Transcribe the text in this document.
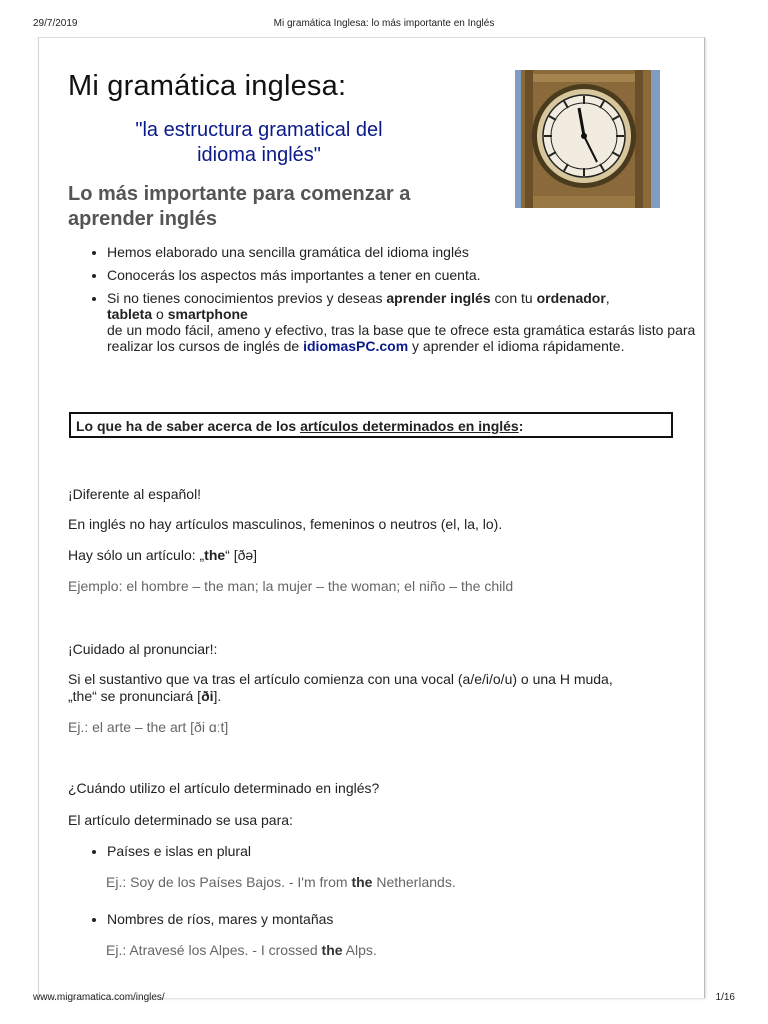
29/7/2019	Mi gramática Inglesa: lo más importante en Inglés
Mi gramática inglesa:
"la estructura gramatical del idioma inglés"
Lo más importante para comenzar a aprender inglés
• Hemos elaborado una sencilla gramática del idioma inglés
• Conocerás los aspectos más importantes a tener en cuenta.
• Si no tienes conocimientos previos y deseas aprender inglés con tu ordenador,
tableta o smartphone
de un modo fácil, ameno y efectivo, tras la base que te ofrece esta gramática estarás listo para realizar los cursos de inglés de idiomasPC.com y aprender el idioma rápidamente.
Lo que ha de saber acerca de los artículos determinados en inglés:

¡Diferente al español!

En inglés no hay artículos masculinos, femeninos o neutros (el, la, lo).

Hay sólo un artículo: „the“ [ðə]

Ejemplo: el hombre – the man; la mujer – the woman; el niño – the child

¡Cuidado al pronunciar!:

Si el sustantivo que va tras el artículo comienza con una vocal (a/e/i/o/u) o una H muda,

„the“ se pronunciará [ði].

Ej.: el arte – the art [ði ɑːt]

¿Cuándo utilizo el artículo determinado en inglés?

El artículo determinado se usa para:

• Países e islas en plural

Ej.: Soy de los Países Bajos. - I'm from the Netherlands.

• Nombres de ríos, mares y montañas

Ej.: Atravesé los Alpes. - I crossed the Alps.

www.migramatica.com/ingles/	1/16
